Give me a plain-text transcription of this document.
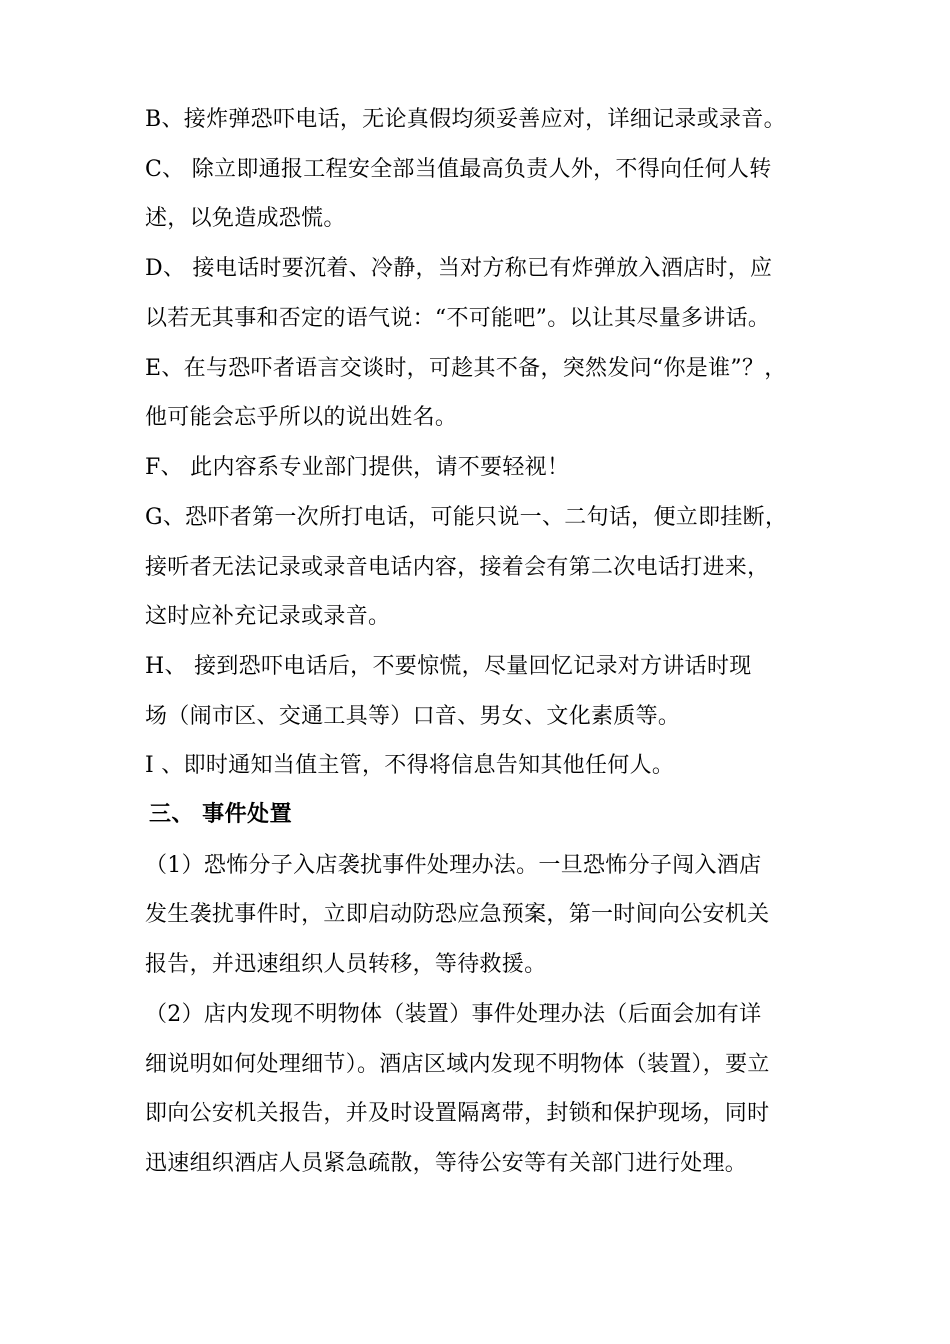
B、接炸弹恐吓电话，无论真假均须妥善应对，详细记录或录音。
C、 除立即通报工程安全部当值最高负责人外，不得向任何人转
述，以免造成恐慌。
D、 接电话时要沉着、冷静，当对方称已有炸弹放入酒店时，应
以若无其事和否定的语气说：“不可能吧”。以让其尽量多讲话。
E、在与恐吓者语言交谈时，可趁其不备，突然发问“你是谁”？，
他可能会忘乎所以的说出姓名。
F、 此内容系专业部门提供，请不要轻视！
G、恐吓者第一次所打电话，可能只说一、二句话，便立即挂断，
接听者无法记录或录音电话内容，接着会有第二次电话打进来，
这时应补充记录或录音。
H、 接到恐吓电话后，不要惊慌，尽量回忆记录对方讲话时现
场（闹市区、交通工具等）口音、男女、文化素质等。
I 、即时通知当值主管，不得将信息告知其他任何人。
三、 事件处置
（1）恐怖分子入店袭扰事件处理办法。一旦恐怖分子闯入酒店
发生袭扰事件时，立即启动防恐应急预案，第一时间向公安机关
报告，并迅速组织人员转移，等待救援。
（2）店内发现不明物体（装置）事件处理办法（后面会加有详
细说明如何处理细节）。酒店区域内发现不明物体（装置），要立
即向公安机关报告，并及时设置隔离带，封锁和保护现场，同时
迅速组织酒店人员紧急疏散，等待公安等有关部门进行处理。
